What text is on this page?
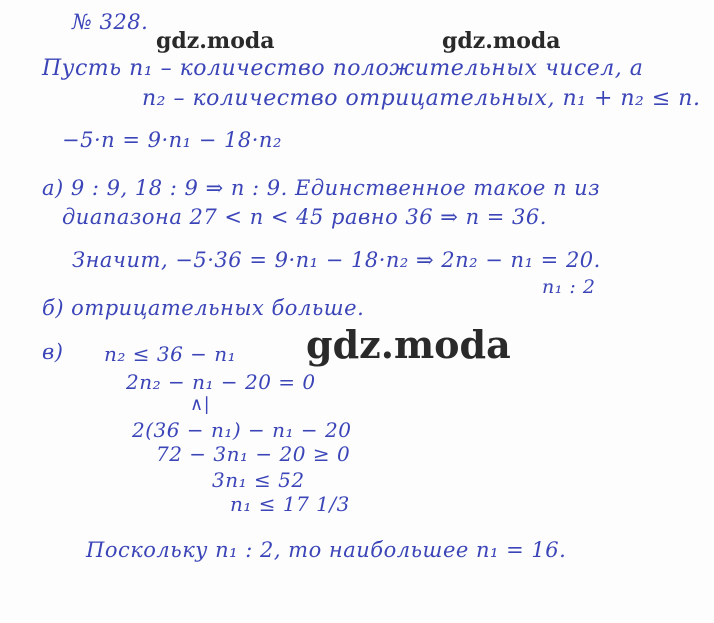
№ 328.
gdz.moda	gdz.moda
Пусть n₁ – количество положительных чисел, а
n₂ – количество отрицательных, n₁ + n₂ ≤ n.
−5·n = 9·n₁ − 18·n₂
а) 9 : 9, 18 : 9 ⇒ n : 9. Единственное такое n из
диапазона 27 < n < 45 равно 36 ⇒ n = 36.
Значит, −5·36 = 9·n₁ − 18·n₂ ⇒ 2n₂ − n₁ = 20.
n₁ : 2
б) отрицательных больше.
gdz.moda
в) n₂ ≤ 36 − n₁
2n₂ − n₁ − 20 = 0
∧|
2(36 − n₁) − n₁ − 20
72 − 3n₁ − 20 ≥ 0
3n₁ ≤ 52
n₁ ≤ 17 1/3
Поскольку n₁ : 2, то наибольшее n₁ = 16.
